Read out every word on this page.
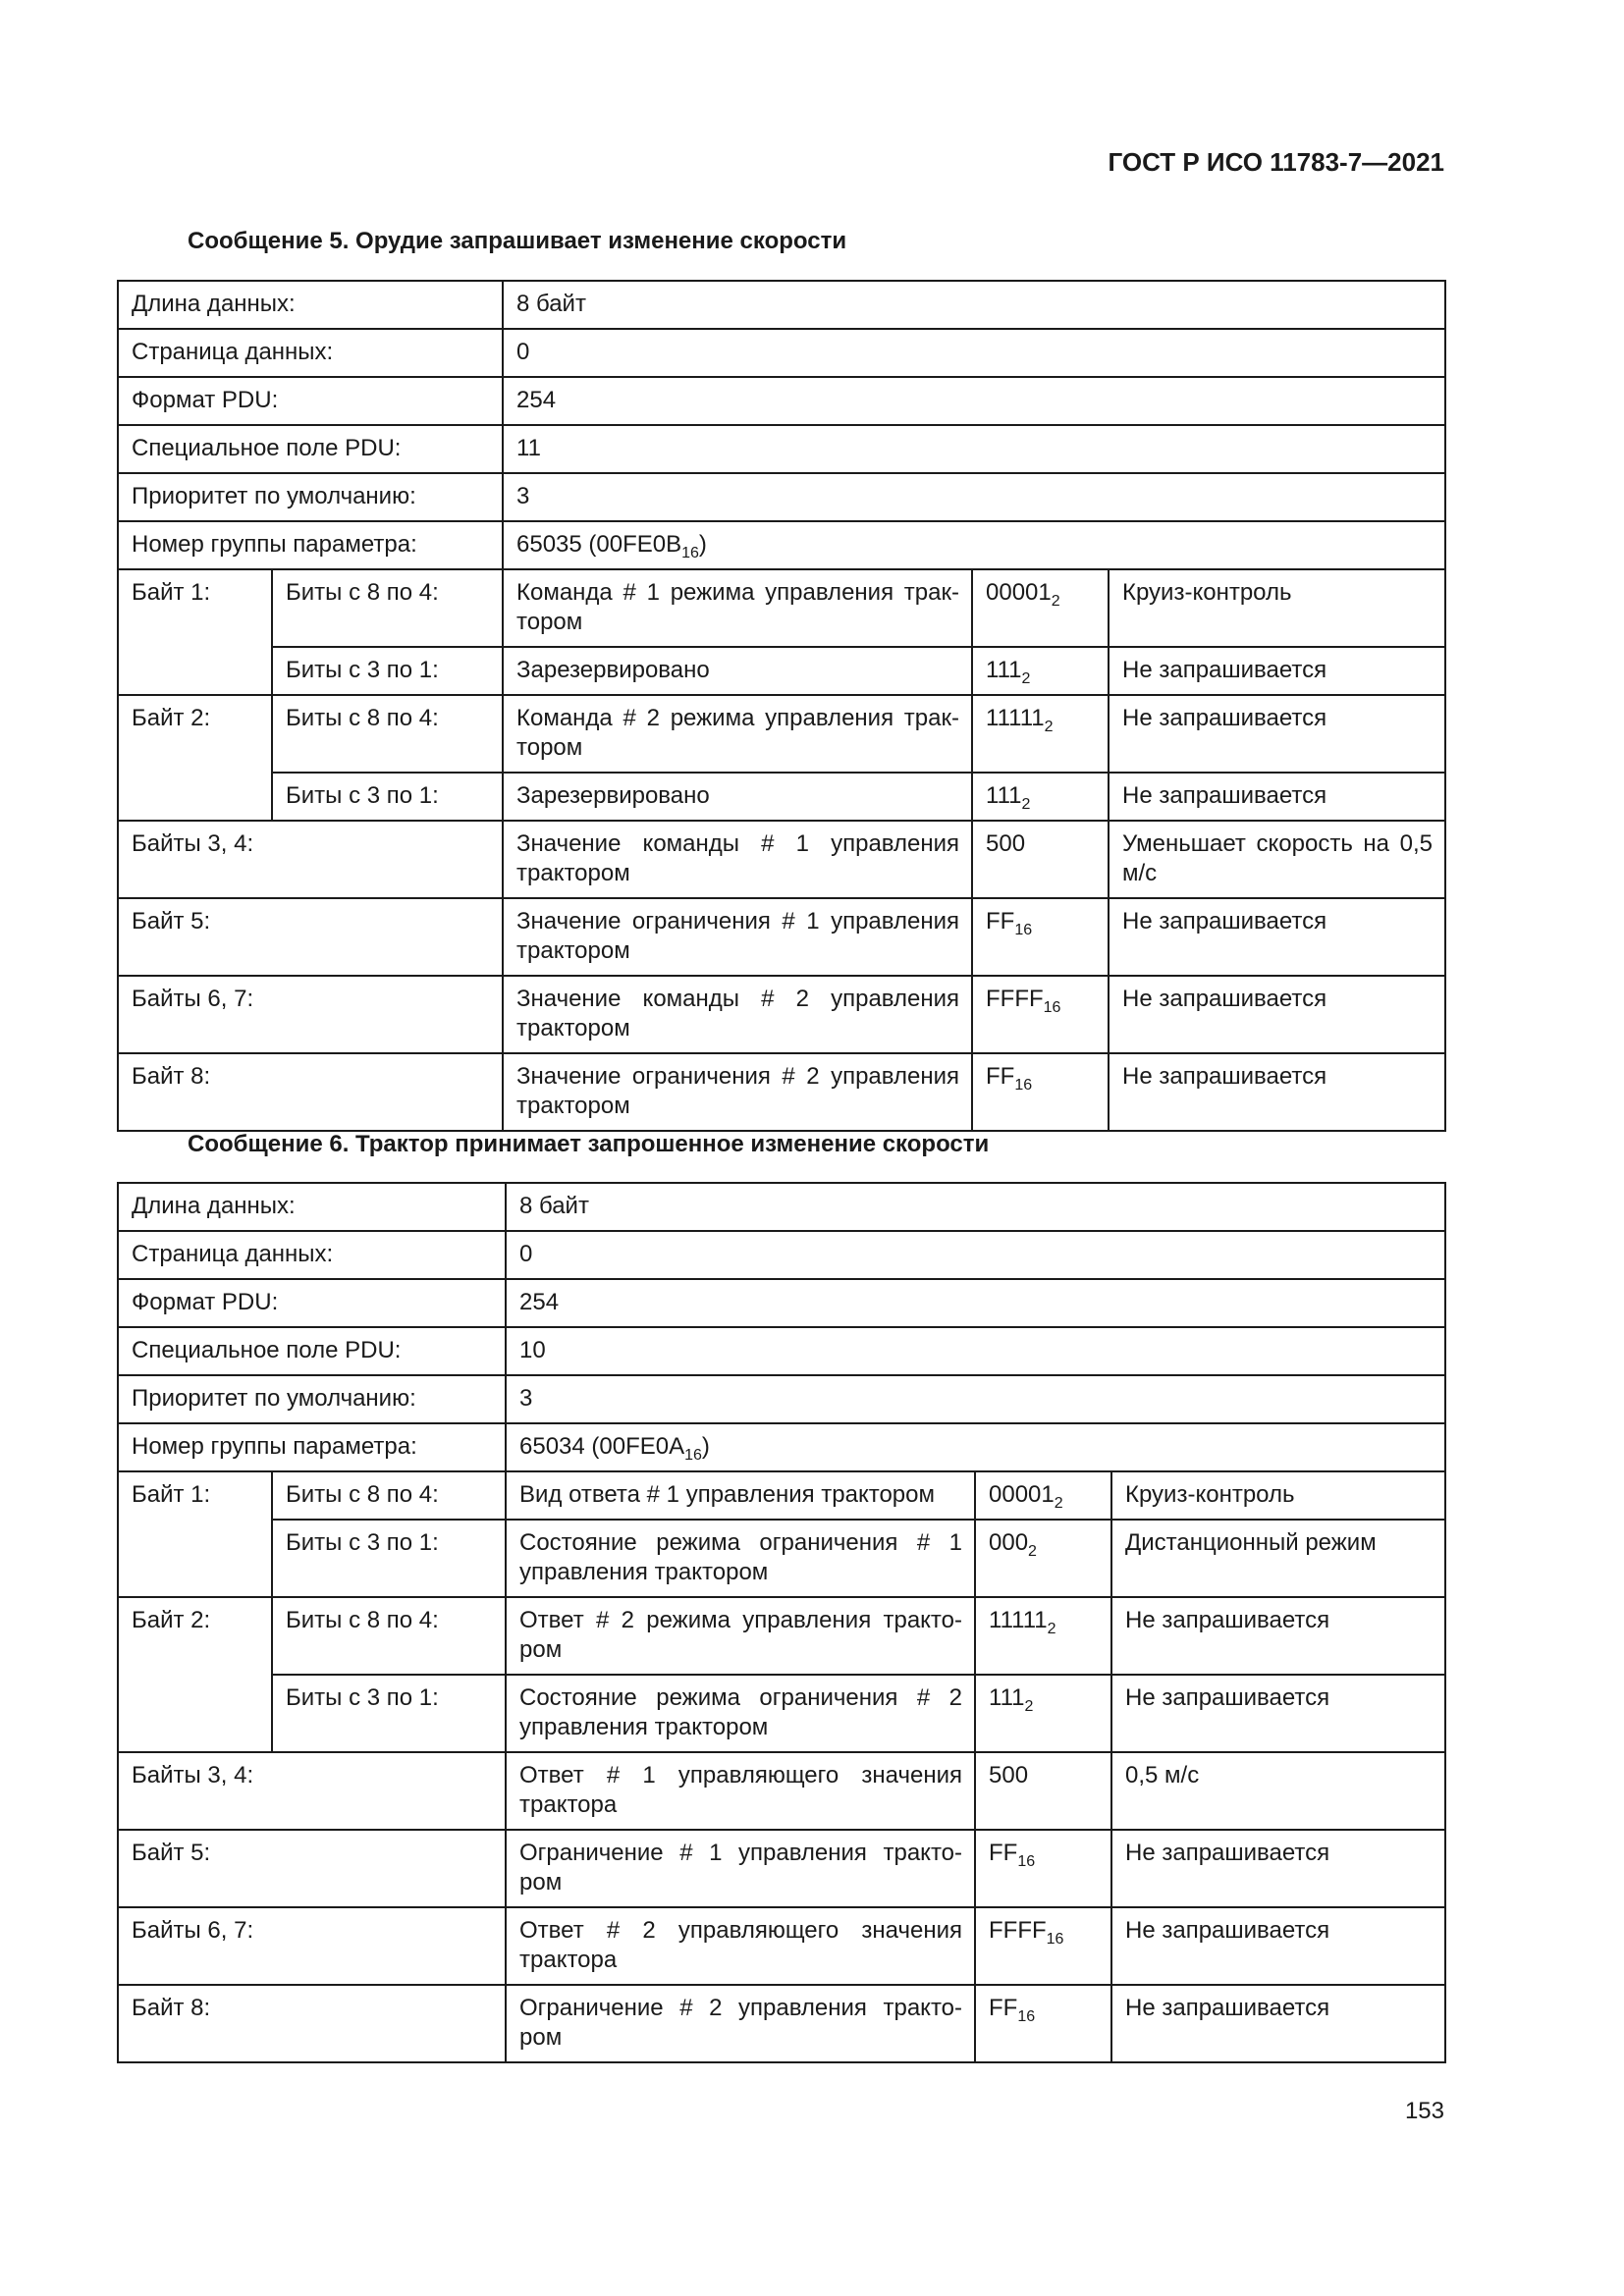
ГОСТ Р ИСО 11783-7—2021
Сообщение 5. Орудие запрашивает изменение скорости
Длина данных:		8 байт		
Страница данных:		0		
Формат PDU:		254		
Специальное поле PDU:		11		
Приоритет по умолчанию:		3		
Номер группы параметра:		65035 $(00FE0B_{16})$		
Байт 1:	Биты с 8 по 4:	Команда # 1 режима управления трак-тором	$00001_2$	Круиз-контроль
	Биты с 3 по 1:	Зарезервировано	$111_2$	Не запрашивается
Байт 2:	Биты с 8 по 4:	Команда # 2 режима управления трак-тором	$11111_2$	Не запрашивается
	Биты с 3 по 1:	Зарезервировано	$111_2$	Не запрашивается
Байты 3, 4:		Значение команды # 1 управления трактором	500	Уменьшает скорость на 0,5 м/с
Байт 5:		Значение ограничения # 1 управления трактором	$FF_{16}$	Не запрашивается
Байты 6, 7:		Значение команды # 2 управления трактором	$FFFF_{16}$	Не запрашивается
Байт 8:		Значение ограничения # 2 управления трактором	$FF_{16}$	Не запрашивается
Сообщение 6. Трактор принимает запрошенное изменение скорости
Длина данных:		8 байт		
Страница данных:		0		
Формат PDU:		254		
Специальное поле PDU:		10		
Приоритет по умолчанию:		3		
Номер группы параметра:		65034 $(00FE0A_{16})$		
Байт 1:	Биты с 8 по 4:	Вид ответа # 1 управления трактором	$00001_2$	Круиз-контроль
	Биты с 3 по 1:	Состояние режима ограничения # 1 управления трактором	$000_2$	Дистанционный режим
Байт 2:	Биты с 8 по 4:	Ответ # 2 режима управления тракто-ром	$11111_2$	Не запрашивается
	Биты с 3 по 1:	Состояние режима ограничения # 2 управления трактором	$111_2$	Не запрашивается
Байты 3, 4:		Ответ # 1 управляющего значения трактора	500	0,5 м/с
Байт 5:		Ограничение # 1 управления тракто-ром	$FF_{16}$	Не запрашивается
Байты 6, 7:		Ответ # 2 управляющего значения трактора	$FFFF_{16}$	Не запрашивается
Байт 8:		Ограничение # 2 управления тракто-ром	$FF_{16}$	Не запрашивается
153
